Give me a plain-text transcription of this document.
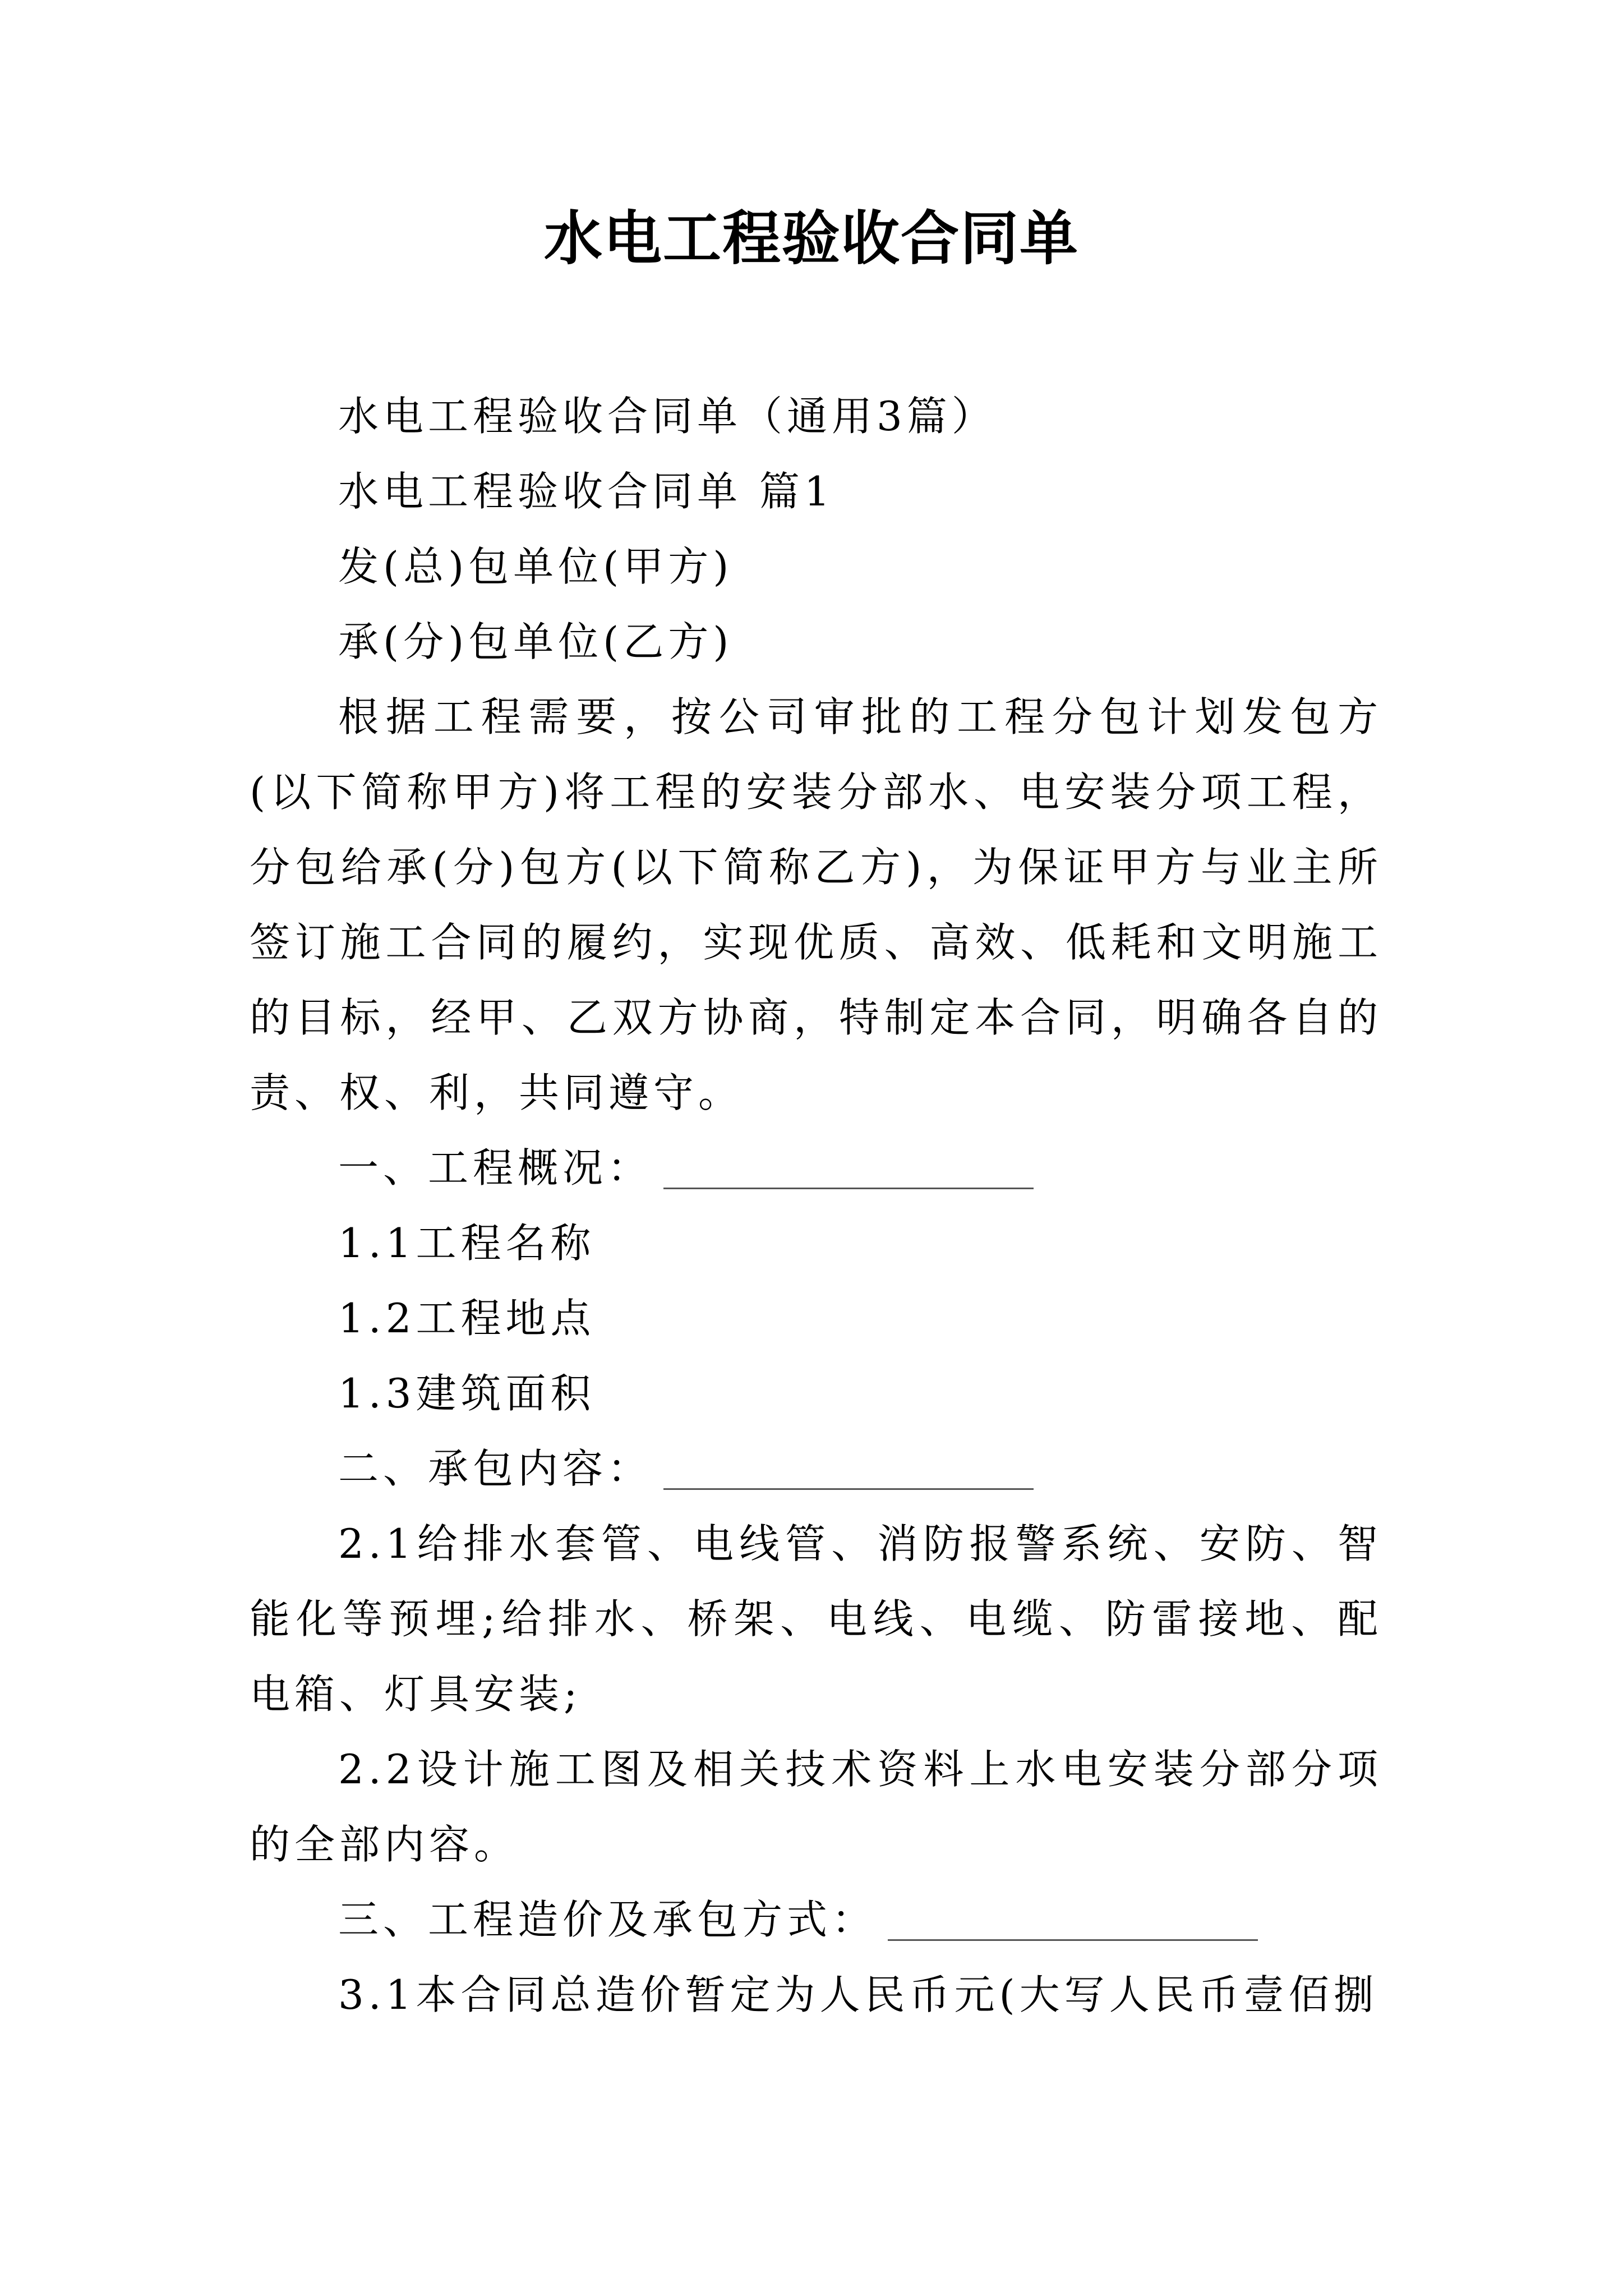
水电工程验收合同单

水电工程验收合同单（通用3篇）

水电工程验收合同单 篇1

发(总)包单位(甲方)

承(分)包单位(乙方)

根据工程需要，按公司审批的工程分包计划发包方(以下简称甲方)将工程的安装分部水、电安装分项工程，分包给承(分)包方(以下简称乙方)，为保证甲方与业主所签订施工合同的履约，实现优质、高效、低耗和文明施工的目标，经甲、乙双方协商，特制定本合同，明确各自的责、权、利，共同遵守。

一、工程概况：

1.1工程名称

1.2工程地点

1.3建筑面积

二、承包内容：

2.1给排水套管、电线管、消防报警系统、安防、智能化等预埋;给排水、桥架、电线、电缆、防雷接地、配电箱、灯具安装;

2.2设计施工图及相关技术资料上水电安装分部分项的全部内容。

三、工程造价及承包方式：

3.1本合同总造价暂定为人民币元(大写人民币壹佰捌
